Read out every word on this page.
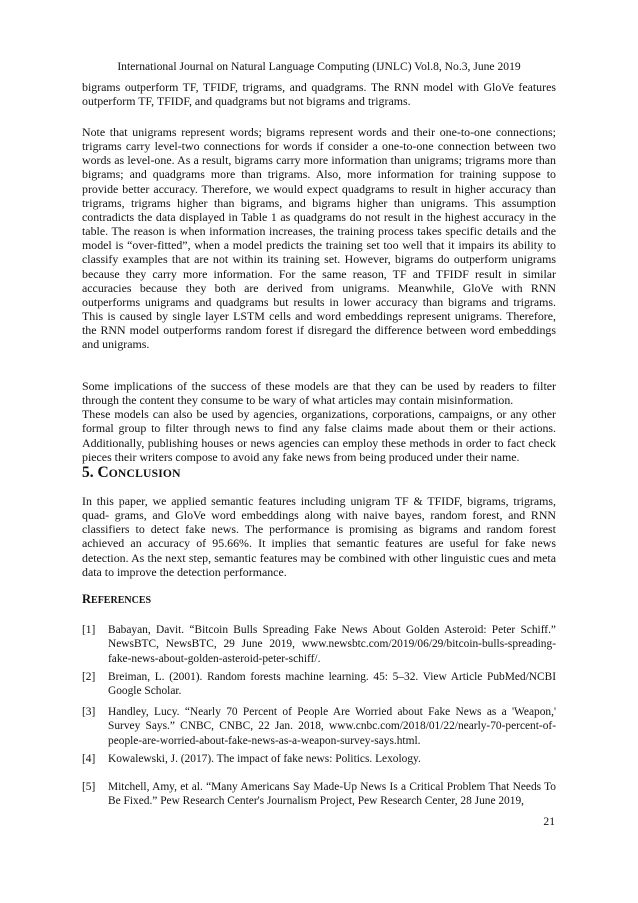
International Journal on Natural Language Computing (IJNLC) Vol.8, No.3, June 2019

bigrams outperform TF, TFIDF, trigrams, and quadgrams. The RNN model with GloVe features outperform TF, TFIDF, and quadgrams but not bigrams and trigrams.

Note that unigrams represent words; bigrams represent words and their one-to-one connections; trigrams carry level-two connections for words if consider a one-to-one connection between two words as level-one. As a result, bigrams carry more information than unigrams; trigrams more than bigrams; and quadgrams more than trigrams. Also, more information for training suppose to provide better accuracy. Therefore, we would expect quadgrams to result in higher accuracy than trigrams, trigrams higher than bigrams, and bigrams higher than unigrams. This assumption contradicts the data displayed in Table 1 as quadgrams do not result in the highest accuracy in the table. The reason is when information increases, the training process takes specific details and the model is “over-fitted”, when a model predicts the training set too well that it impairs its ability to classify examples that are not within its training set. However, bigrams do outperform unigrams because they carry more information. For the same reason, TF and TFIDF result in similar accuracies because they both are derived from unigrams. Meanwhile, GloVe with RNN outperforms unigrams and quadgrams but results in lower accuracy than bigrams and trigrams. This is caused by single layer LSTM cells and word embeddings represent unigrams. Therefore, the RNN model outperforms random forest if disregard the difference between word embeddings and unigrams.

Some implications of the success of these models are that they can be used by readers to filter through the content they consume to be wary of what articles may contain misinformation.

These models can also be used by agencies, organizations, corporations, campaigns, or any other formal group to filter through news to find any false claims made about them or their actions. Additionally, publishing houses or news agencies can employ these methods in order to fact check pieces their writers compose to avoid any fake news from being produced under their name.

5. CONCLUSION

In this paper, we applied semantic features including unigram TF & TFIDF, bigrams, trigrams, quad- grams, and GloVe word embeddings along with naive bayes, random forest, and RNN classifiers to detect fake news. The performance is promising as bigrams and random forest achieved an accuracy of 95.66%. It implies that semantic features are useful for fake news detection. As the next step, semantic features may be combined with other linguistic cues and meta data to improve the detection performance.

REFERENCES
[1]	Babayan, Davit. “Bitcoin Bulls Spreading Fake News About Golden Asteroid: Peter Schiff.” NewsBTC, NewsBTC, 29 June 2019, www.newsbtc.com/2019/06/29/bitcoin-bulls-spreading- fake-news-about-golden-asteroid-peter-schiff/.
[2]	Breiman, L. (2001). Random forests machine learning. 45: 5–32. View Article PubMed/NCBI Google Scholar.
[3]	Handley, Lucy. “Nearly 70 Percent of People Are Worried about Fake News as a 'Weapon,' Survey Says.” CNBC, CNBC, 22 Jan. 2018, www.cnbc.com/2018/01/22/nearly-70-percent-of-people-are-worried-about-fake-news-as-a-weapon-survey-says.html.
[4]	Kowalewski, J. (2017). The impact of fake news: Politics. Lexology.
[5]	Mitchell, Amy, et al. “Many Americans Say Made-Up News Is a Critical Problem That Needs To Be Fixed.” Pew Research Center's Journalism Project, Pew Research Center, 28 June 2019,
21
